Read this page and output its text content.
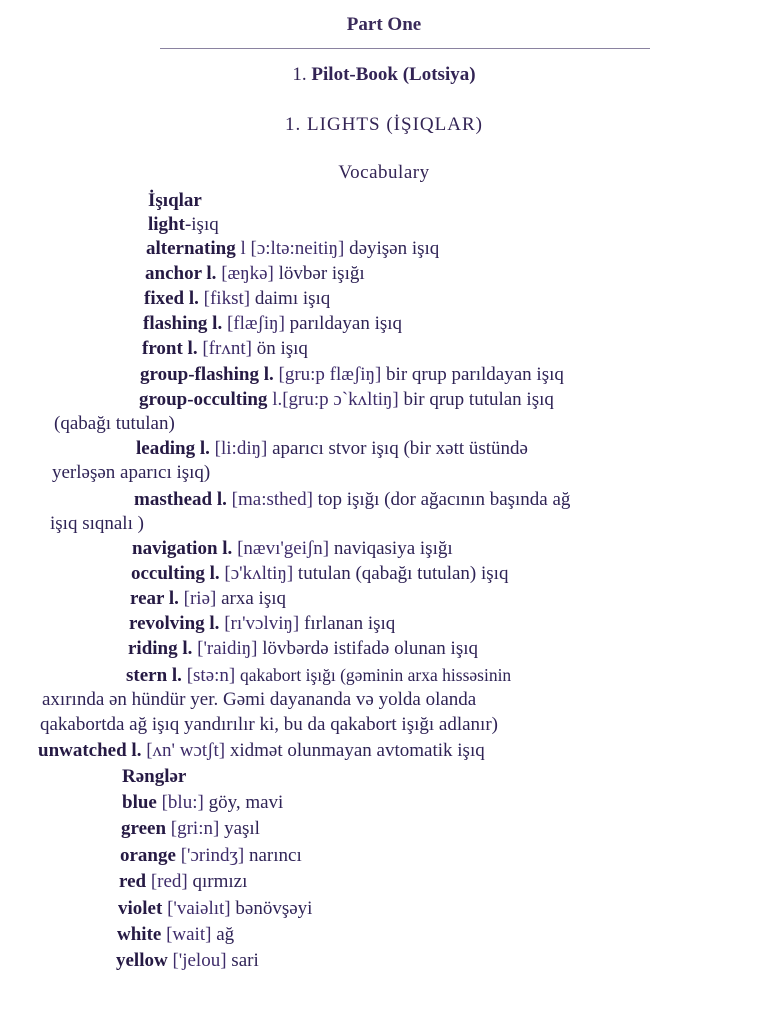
Part One
1. Pilot-Book (Lotsiya)
1. LIGHTS (İŞIQLAR)
Vocabulary
İşıqlar
light-işıq
alternating l [ɔ:ltə:neitiŋ] dəyişən işıq
anchor l. [æŋkə] lövbər işığı
fixed l. [fikst] daimı işıq
flashing l. [flæʃiŋ] parıldayan işıq
front l. [frʌnt] ön işıq
group-flashing l. [gru:p flæʃiŋ] bir qrup parıldayan işıq
group-occulting l.[gru:p ɔ`kʌltiŋ] bir qrup tutulan işıq
(qabağı tutulan)
leading l. [li:diŋ] aparıcı stvor işıq (bir xətt üstündə
yerləşən aparıcı işıq)
masthead l. [ma:sthed] top işığı (dor ağacının başında ağ
işıq sıqnalı )
navigation l. [nævı'geiʃn] naviqasiya işığı
occulting l. [ɔ'kʌltiŋ] tutulan (qabağı tutulan) işıq
rear l. [riə] arxa işıq
revolving l. [rı'vɔlviŋ] fırlanan işıq
riding l. ['raidiŋ] lövbərdə istifadə olunan işıq
stern l. [stə:n] qakabort işığı (gəminin arxa hissəsinin
axırında ən hündür yer. Gəmi dayananda və yolda olanda
qakabortda ağ işıq yandırılır ki, bu da qakabort işığı adlanır)
unwatched l. [ʌn' wɔtʃt] xidmət olunmayan avtomatik işıq
Rənglər
blue [blu:] göy, mavi
green [gri:n] yaşıl
orange ['ɔrindʒ] narıncı
red [red] qırmızı
violet ['vaiəlıt] bənövşəyi
white [wait] ağ
yellow ['jelou] sari
